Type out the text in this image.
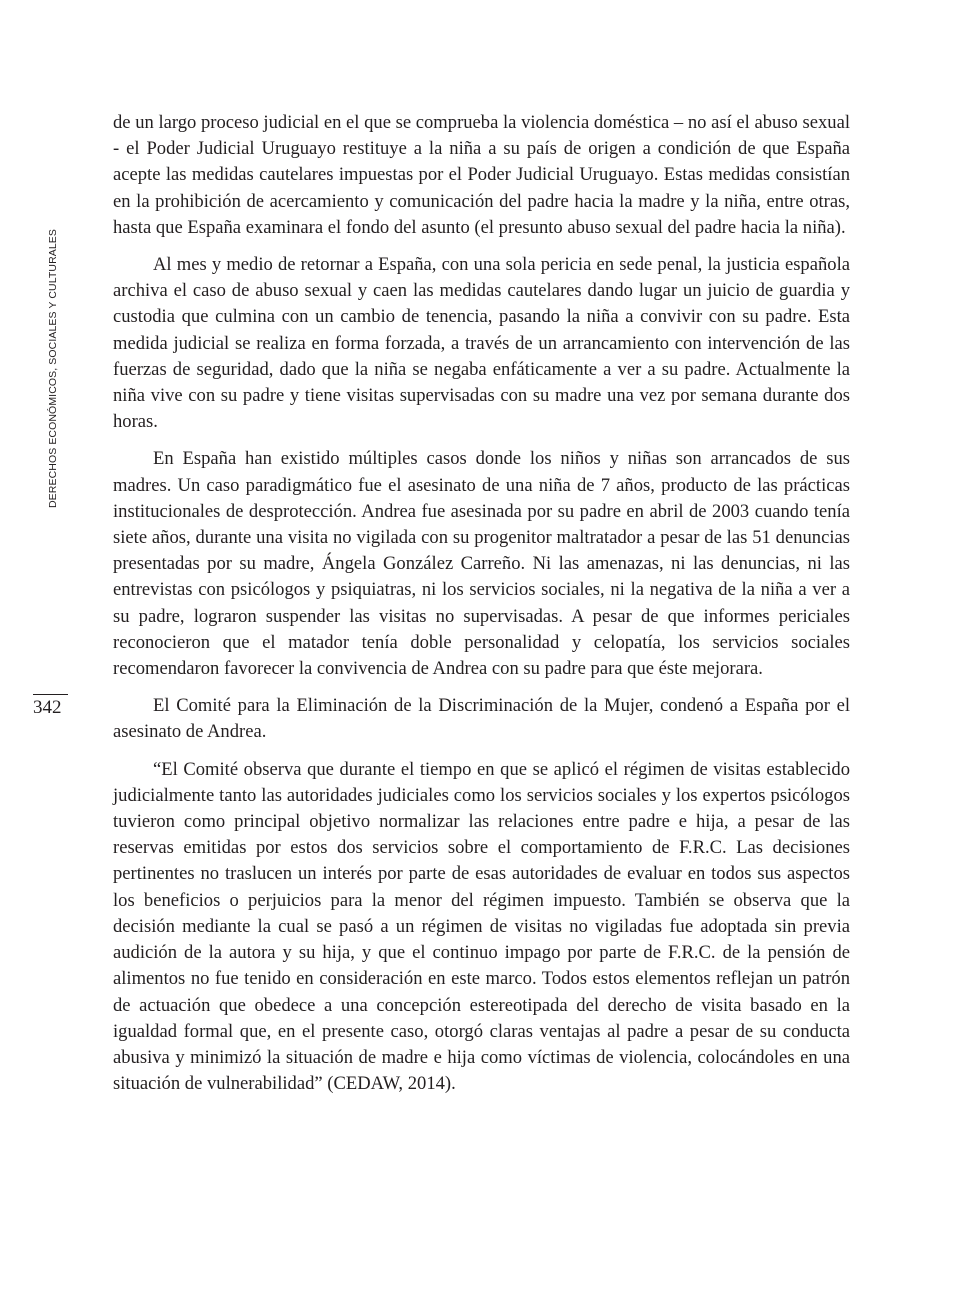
DERECHOS ECONÓMICOS, SOCIALES Y CULTURALES
342

de un largo proceso judicial en el que se comprueba la violencia doméstica – no así el abuso sexual - el Poder Judicial Uruguayo restituye a la niña a su país de origen a condición de que España acepte las medidas cautelares impuestas por el Poder Judicial Uruguayo. Estas medidas consistían en la prohibición de acercamiento y comunicación del padre hacia la madre y la niña, entre otras, hasta que España examinara el fondo del asunto (el presunto abuso sexual del padre hacia la niña).

Al mes y medio de retornar a España, con una sola pericia en sede penal, la justicia española archiva el caso de abuso sexual y caen las medidas cautelares dando lugar un juicio de guardia y custodia que culmina con un cambio de tenencia, pasando la niña a convivir con su padre. Esta medida judicial se realiza en forma forzada, a través de un arrancamiento con intervención de las fuerzas de seguridad, dado que la niña se negaba enfáticamente a ver a su padre. Actualmente la niña vive con su padre y tiene visitas supervisadas con su madre una vez por semana durante dos horas.

En España han existido múltiples casos donde los niños y niñas son arrancados de sus madres. Un caso paradigmático fue el asesinato de una niña de 7 años, producto de las prácticas institucionales de desprotección. Andrea fue asesinada por su padre en abril de 2003 cuando tenía siete años, durante una visita no vigilada con su progenitor maltratador a pesar de las 51 denuncias presentadas por su madre, Ángela González Carreño. Ni las amenazas, ni las denuncias, ni las entrevistas con psicólogos y psiquiatras, ni los servicios sociales, ni la negativa de la niña a ver a su padre, lograron suspender las visitas no supervisadas. A pesar de que informes periciales reconocieron que el matador tenía doble personalidad y celopatía, los servicios sociales recomendaron favorecer la convivencia de Andrea con su padre para que éste mejorara.

El Comité para la Eliminación de la Discriminación de la Mujer, condenó a España por el asesinato de Andrea.

“El Comité observa que durante el tiempo en que se aplicó el régimen de visitas establecido judicialmente tanto las autoridades judiciales como los servicios sociales y los expertos psicólogos tuvieron como principal objetivo normalizar las relaciones entre padre e hija, a pesar de las reservas emitidas por estos dos servicios sobre el comportamiento de F.R.C. Las decisiones pertinentes no traslucen un interés por parte de esas autoridades de evaluar en todos sus aspectos los beneficios o perjuicios para la menor del régimen impuesto. También se observa que la decisión mediante la cual se pasó a un régimen de visitas no vigiladas fue adoptada sin previa audición de la autora y su hija, y que el continuo impago por parte de F.R.C. de la pensión de alimentos no fue tenido en consideración en este marco. Todos estos elementos reflejan un patrón de actuación que obedece a una concepción estereotipada del derecho de visita basado en la igualdad formal que, en el presente caso, otorgó claras ventajas al padre a pesar de su conducta abusiva y minimizó la situación de madre e hija como víctimas de violencia, colocándoles en una situación de vulnerabilidad” (CEDAW, 2014).
